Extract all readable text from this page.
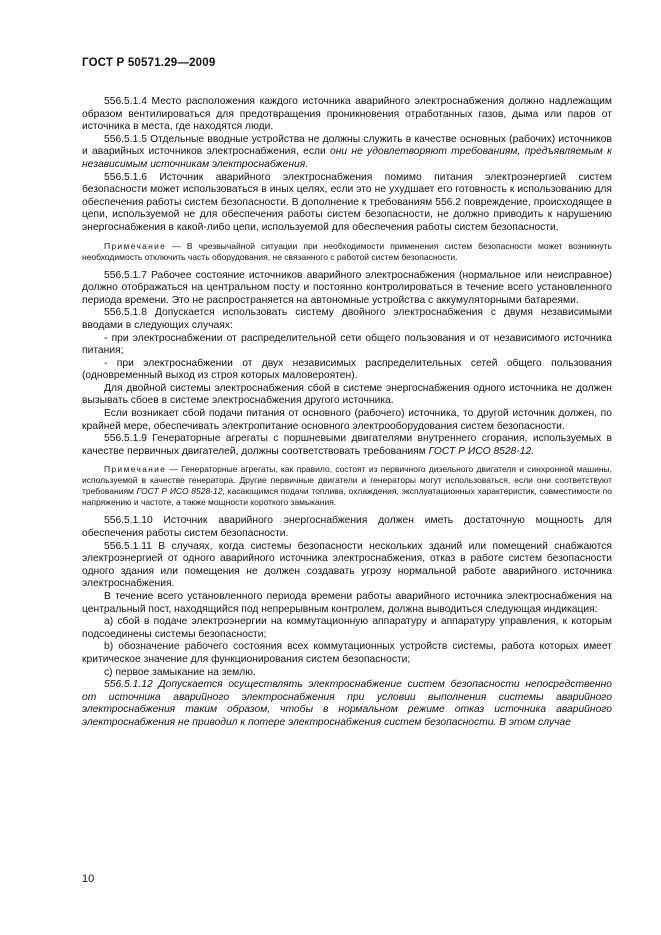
ГОСТ Р 50571.29—2009

556.5.1.4 Место расположения каждого источника аварийного электроснабжения должно надлежащим образом вентилироваться для предотвращения проникновения отработанных газов, дыма или паров от источника в места, где находятся люди.

556.5.1.5 Отдельные вводные устройства не должны служить в качестве основных (рабочих) источников и аварийных источников электроснабжения, если они не удовлетворяют требованиям, предъявляемым к независимым источникам электроснабжения.

556.5.1.6 Источник аварийного электроснабжения помимо питания электроэнергией систем безопасности может использоваться в иных целях, если это не ухудшает его готовность к использованию для обеспечения работы систем безопасности. В дополнение к требованиям 556.2 повреждение, происходящее в цепи, используемой не для обеспечения работы систем безопасности, не должно приводить к нарушению энергоснабжения в какой-либо цепи, используемой для обеспечения работы систем безопасности.

Примечание — В чрезвычайной ситуации при необходимости применения систем безопасности может возникнуть необходимость отключить часть оборудования, не связанного с работой систем безопасности.

556.5.1.7 Рабочее состояние источников аварийного электроснабжения (нормальное или неисправное) должно отображаться на центральном посту и постоянно контролироваться в течение всего установленного периода времени. Это не распространяется на автономные устройства с аккумуляторными батареями.

556.5.1.8 Допускается использовать систему двойного электроснабжения с двумя независимыми вводами в следующих случаях:

- при электроснабжении от распределительной сети общего пользования и от независимого источника питания;

- при электроснабжении от двух независимых распределительных сетей общего пользования (одновременный выход из строя которых маловероятен).

Для двойной системы электроснабжения сбой в системе энергоснабжения одного источника не должен вызывать сбоев в системе электроснабжения другого источника.

Если возникает сбой подачи питания от основного (рабочего) источника, то другой источник должен, по крайней мере, обеспечивать электропитание основного электрооборудования систем безопасности.

556.5.1.9 Генераторные агрегаты с поршневыми двигателями внутреннего сгорания, используемых в качестве первичных двигателей, должны соответствовать требованиям ГОСТ Р ИСО 8528-12.

Примечание — Генераторные агрегаты, как правило, состоят из первичного дизельного двигателя и синхронной машины, используемой в качестве генератора. Другие первичные двигатели и генераторы могут использоваться, если они соответствуют требованиям ГОСТ Р ИСО 8528-12, касающимся подачи топлива, охлаждения, эксплуатационных характеристик, совместимости по напряжению и частоте, а также мощности короткого замыкания.

556.5.1.10 Источник аварийного энергоснабжения должен иметь достаточную мощность для обеспечения работы систем безопасности.

556.5.1.11 В случаях, когда системы безопасности нескольких зданий или помещений снабжаются электроэнергией от одного аварийного источника электроснабжения, отказ в работе систем безопасности одного здания или помещения не должен создавать угрозу нормальной работе аварийного источника электроснабжения.

В течение всего установленного периода времени работы аварийного источника электроснабжения на центральный пост, находящийся под непрерывным контролем, должна выводиться следующая индикация:

a) сбой в подаче электроэнергии на коммутационную аппаратуру и аппаратуру управления, к которым подсоединены системы безопасности;

b) обозначение рабочего состояния всех коммутационных устройств системы, работа которых имеет критическое значение для функционирования систем безопасности;

c) первое замыкание на землю.

556.5.1.12 Допускается осуществлять электроснабжение систем безопасности непосредственно от источника аварийного электроснабжения при условии выполнения системы аварийного электроснабжения таким образом, чтобы в нормальном режиме отказ источника аварийного электроснабжения не приводил к потере электроснабжения систем безопасности. В этом случае

10
